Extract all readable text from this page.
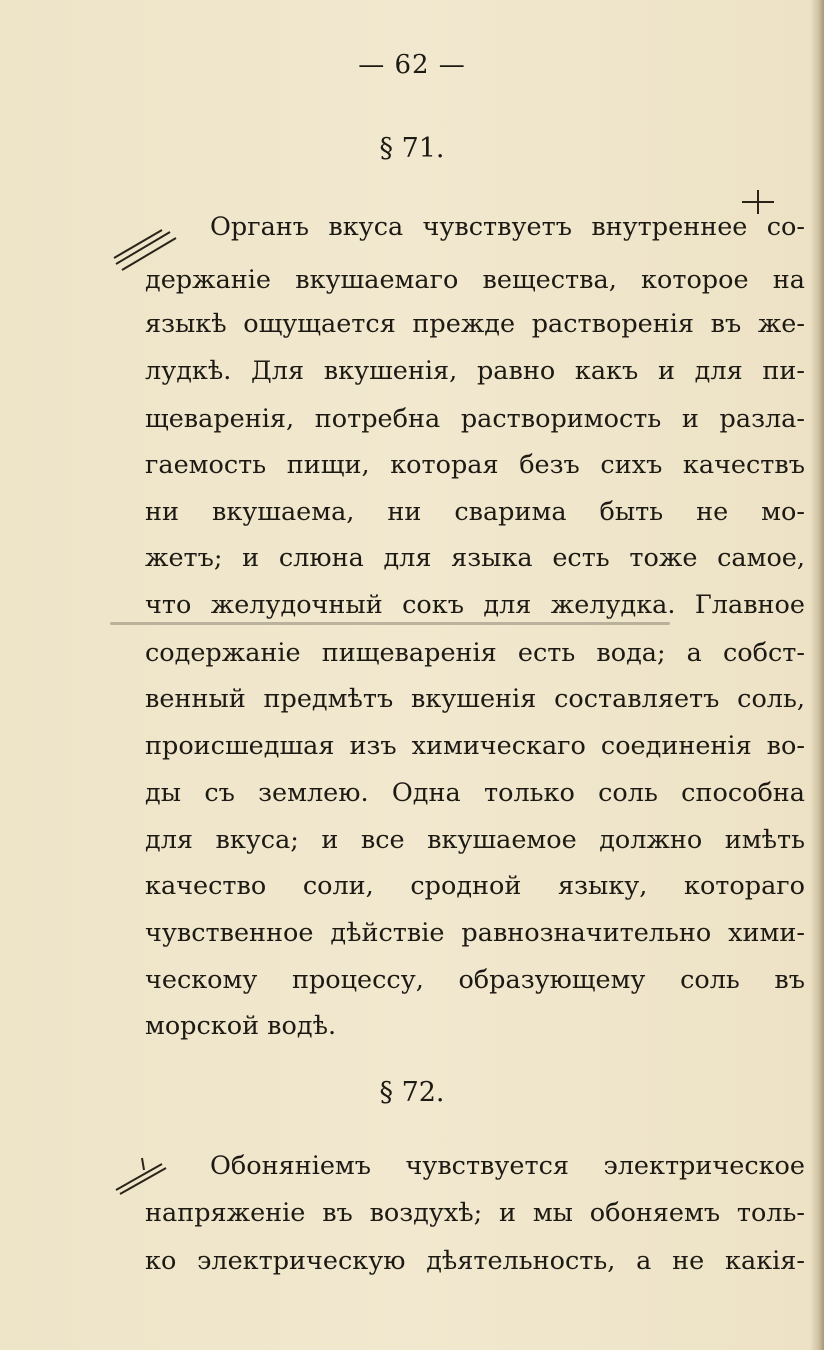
— 62 —
§ 71.
Органъ вкуса чувствуетъ внутреннее со-
держаніе вкушаемаго вещества, которое на
языкѣ ощущается прежде растворенія въ же-
лудкѣ. Для вкушенія, равно какъ и для пи-
щеваренія, потребна растворимость и разла-
гаемость пищи, которая безъ сихъ качествъ
ни вкушаема, ни сварима быть не мо-
жетъ; и слюна для языка есть тоже самое,
что желудочный сокъ для желудка. Главное
содержаніе пищеваренія есть вода; а собст-
венный предмѣтъ вкушенія составляетъ соль,
происшедшая изъ химическаго соединенія во-
ды съ землею. Одна только соль способна
для вкуса; и все вкушаемое должно имѣть
качество соли, сродной языку, котораго
чувственное дѣйствіе равнозначительно хими-
ческому процессу, образующему соль въ
морской водѣ.
§ 72.
Обоняніемъ чувствуется электрическое
напряженіе въ воздухѣ; и мы обоняемъ толь-
ко электрическую дѣятельность, а не какія-
